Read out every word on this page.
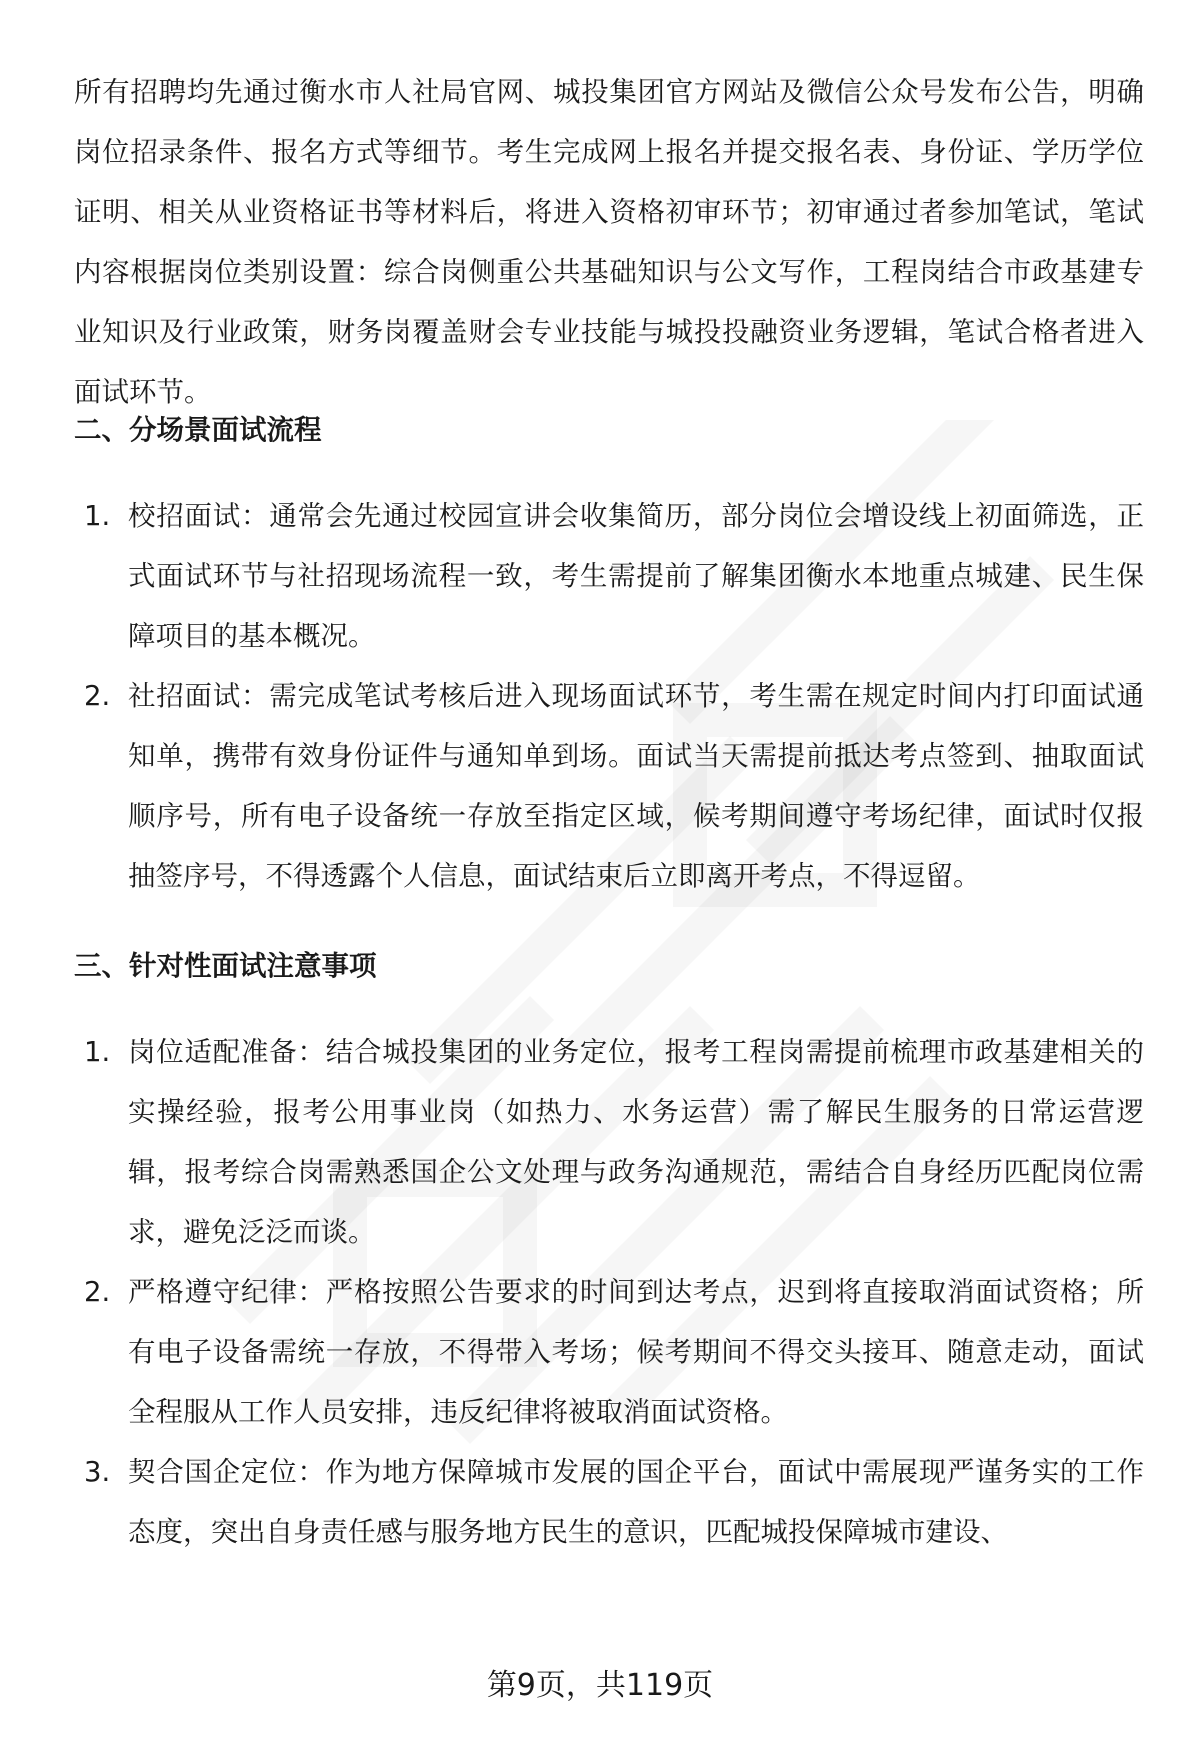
所有招聘均先通过衡水市人社局官网、城投集团官方网站及微信公众号发布公告，明确岗位招录条件、报名方式等细节。考生完成网上报名并提交报名表、身份证、学历学位证明、相关从业资格证书等材料后，将进入资格初审环节；初审通过者参加笔试，笔试内容根据岗位类别设置：综合岗侧重公共基础知识与公文写作，工程岗结合市政基建专业知识及行业政策，财务岗覆盖财会专业技能与城投投融资业务逻辑，笔试合格者进入面试环节。

二、分场景面试流程
1. 校招面试：通常会先通过校园宣讲会收集简历，部分岗位会增设线上初面筛选，正式面试环节与社招现场流程一致，考生需提前了解集团衡水本地重点城建、民生保障项目的基本概况。
2. 社招面试：需完成笔试考核后进入现场面试环节，考生需在规定时间内打印面试通知单，携带有效身份证件与通知单到场。面试当天需提前抵达考点签到、抽取面试顺序号，所有电子设备统一存放至指定区域，候考期间遵守考场纪律，面试时仅报抽签序号，不得透露个人信息，面试结束后立即离开考点，不得逗留。
三、针对性面试注意事项
1. 岗位适配准备：结合城投集团的业务定位，报考工程岗需提前梳理市政基建相关的实操经验，报考公用事业岗（如热力、水务运营）需了解民生服务的日常运营逻辑，报考综合岗需熟悉国企公文处理与政务沟通规范，需结合自身经历匹配岗位需求，避免泛泛而谈。
2. 严格遵守纪律：严格按照公告要求的时间到达考点，迟到将直接取消面试资格；所有电子设备需统一存放，不得带入考场；候考期间不得交头接耳、随意走动，面试全程服从工作人员安排，违反纪律将被取消面试资格。
3. 契合国企定位：作为地方保障城市发展的国企平台，面试中需展现严谨务实的工作态度，突出自身责任感与服务地方民生的意识，匹配城投保障城市建设、
第9页，共119页
